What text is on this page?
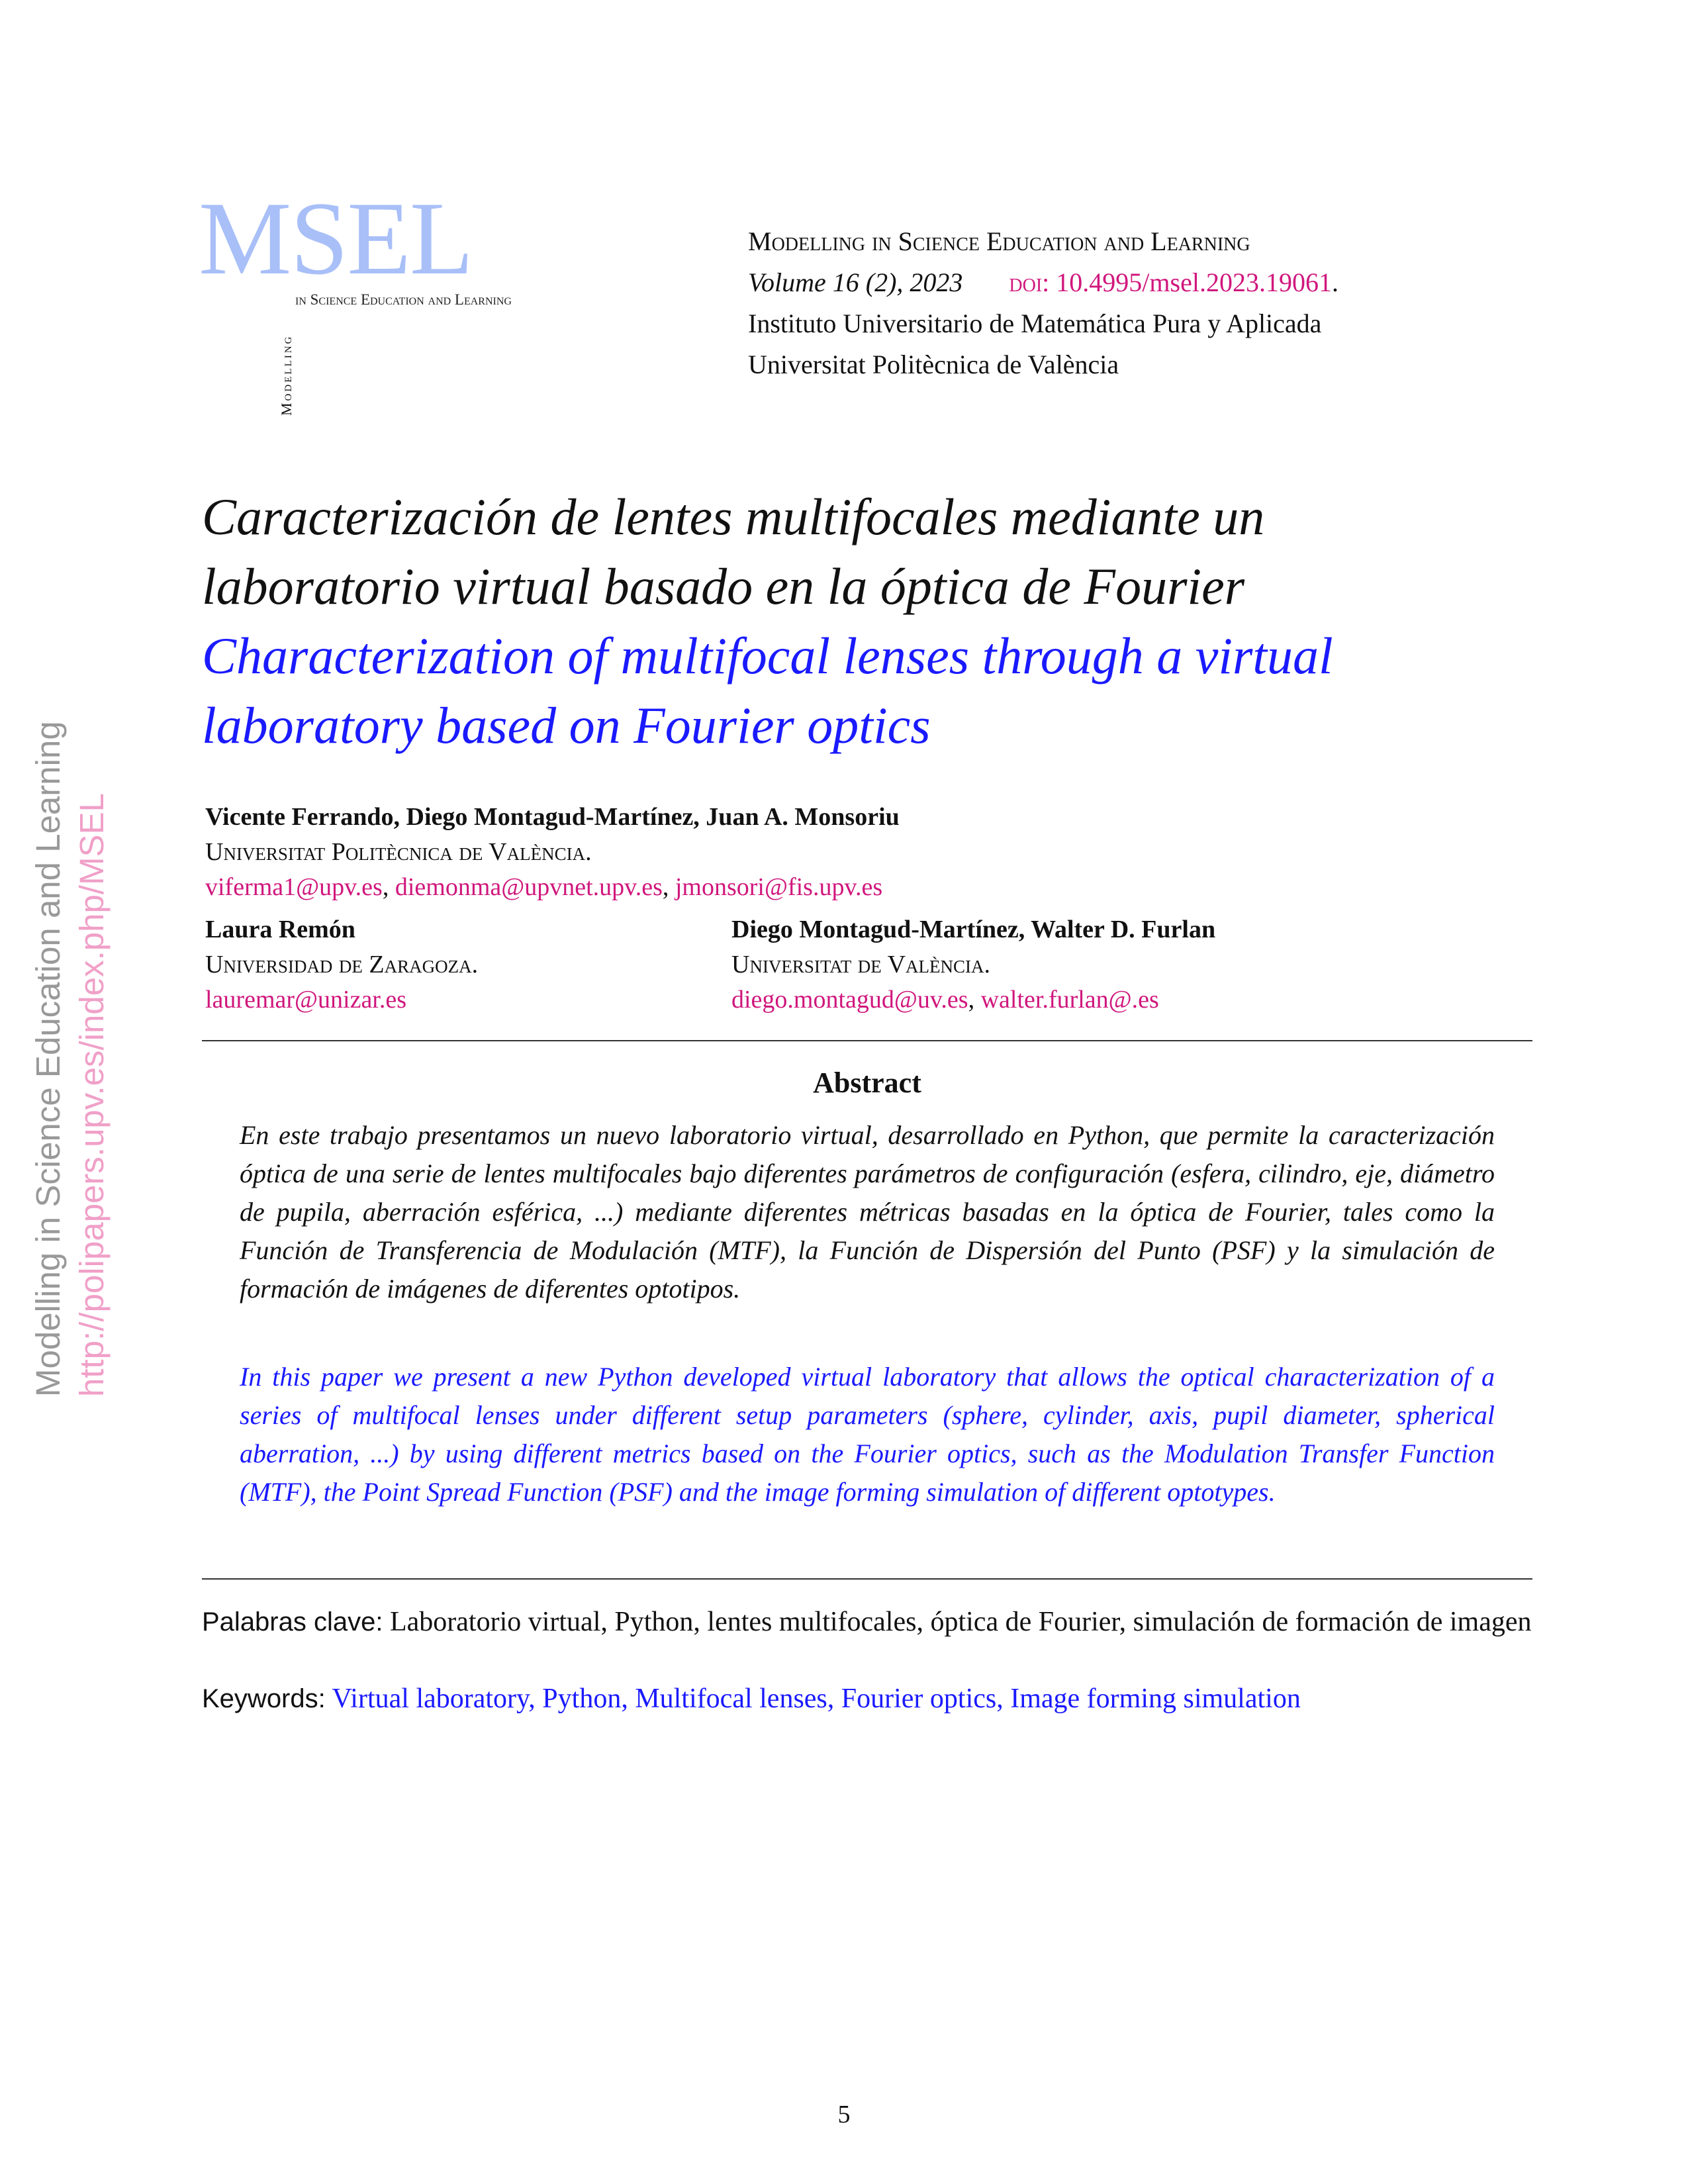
MSEL
in Science Education and Learning
Modelling
Modelling in Science Education and Learning
Volume 16 (2), 2023 doi: 10.4995/msel.2023.19061.
Instituto Universitario de Matemática Pura y Aplicada
Universitat Politècnica de València
Caracterización de lentes multifocales mediante un
laboratorio virtual basado en la óptica de Fourier
Characterization of multifocal lenses through a virtual
laboratory based on Fourier optics
Vicente Ferrando, Diego Montagud-Martínez, Juan A. Monsoriu
Universitat Politècnica de València.
viferma1@upv.es, diemonma@upvnet.upv.es, jmonsori@fis.upv.es
Laura Remón
Universidad de Zaragoza.
lauremar@unizar.es
Diego Montagud-Martínez, Walter D. Furlan
Universitat de València.
diego.montagud@uv.es, walter.furlan@.es
Abstract
En este trabajo presentamos un nuevo laboratorio virtual, desarrollado en Python, que permite la caracterización óptica de una serie de lentes multifocales bajo diferentes parámetros de configuración (esfera, cilindro, eje, diámetro de pupila, aberración esférica, ...) mediante diferentes métricas basadas en la óptica de Fourier, tales como la Función de Transferencia de Modulación (MTF), la Función de Dispersión del Punto (PSF) y la simulación de formación de imágenes de diferentes optotipos.
In this paper we present a new Python developed virtual laboratory that allows the optical characterization of a series of multifocal lenses under different setup parameters (sphere, cylinder, axis, pupil diameter, spherical aberration, ...) by using different metrics based on the Fourier optics, such as the Modulation Transfer Function (MTF), the Point Spread Function (PSF) and the image forming simulation of different optotypes.
Palabras clave: Laboratorio virtual, Python, lentes multifocales, óptica de Fourier, simulación de formación de imagen
Keywords: Virtual laboratory, Python, Multifocal lenses, Fourier optics, Image forming simulation
Modelling in Science Education and Learning http://polipapers.upv.es/index.php/MSEL
5
